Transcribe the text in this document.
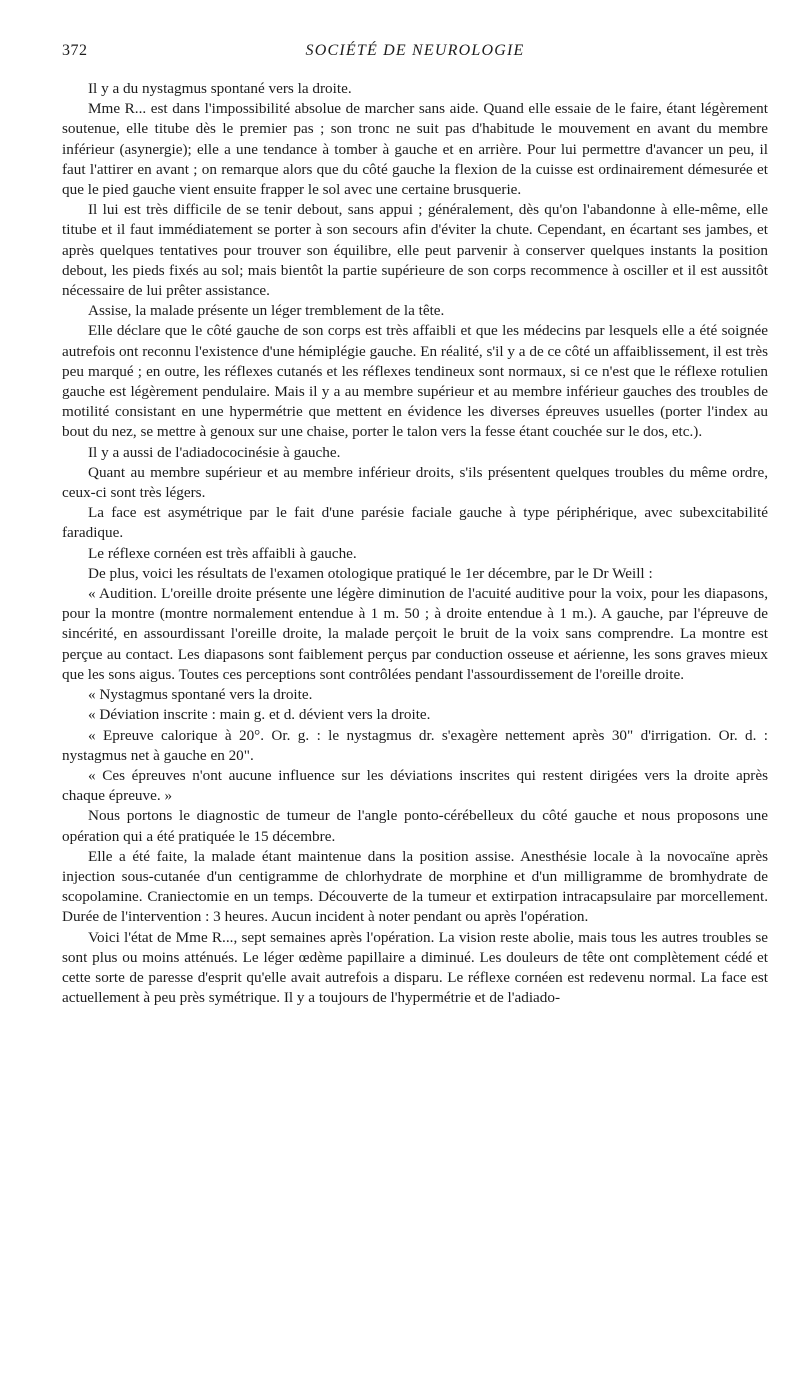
372	SOCIÉTÉ DE NEUROLOGIE

Il y a du nystagmus spontané vers la droite.

Mme R... est dans l'impossibilité absolue de marcher sans aide. Quand elle essaie de le faire, étant légèrement soutenue, elle titube dès le premier pas ; son tronc ne suit pas d'habitude le mouvement en avant du membre inférieur (asynergie); elle a une tendance à tomber à gauche et en arrière. Pour lui permettre d'avancer un peu, il faut l'attirer en avant ; on remarque alors que du côté gauche la flexion de la cuisse est ordinairement démesurée et que le pied gauche vient ensuite frapper le sol avec une certaine brusquerie.

Il lui est très difficile de se tenir debout, sans appui ; généralement, dès qu'on l'abandonne à elle-même, elle titube et il faut immédiatement se porter à son secours afin d'éviter la chute. Cependant, en écartant ses jambes, et après quelques tentatives pour trouver son équilibre, elle peut parvenir à conserver quelques instants la position debout, les pieds fixés au sol; mais bientôt la partie supérieure de son corps recommence à osciller et il est aussitôt nécessaire de lui prêter assistance.

Assise, la malade présente un léger tremblement de la tête.

Elle déclare que le côté gauche de son corps est très affaibli et que les médecins par lesquels elle a été soignée autrefois ont reconnu l'existence d'une hémiplégie gauche. En réalité, s'il y a de ce côté un affaiblissement, il est très peu marqué ; en outre, les réflexes cutanés et les réflexes tendineux sont normaux, si ce n'est que le réflexe rotulien gauche est légèrement pendulaire. Mais il y a au membre supérieur et au membre inférieur gauches des troubles de motilité consistant en une hypermétrie que mettent en évidence les diverses épreuves usuelles (porter l'index au bout du nez, se mettre à genoux sur une chaise, porter le talon vers la fesse étant couchée sur le dos, etc.).

Il y a aussi de l'adiadococinésie à gauche.

Quant au membre supérieur et au membre inférieur droits, s'ils présentent quelques troubles du même ordre, ceux-ci sont très légers.

La face est asymétrique par le fait d'une parésie faciale gauche à type périphérique, avec subexcitabilité faradique.

Le réflexe cornéen est très affaibli à gauche.

De plus, voici les résultats de l'examen otologique pratiqué le 1er décembre, par le Dr Weill :

« Audition. L'oreille droite présente une légère diminution de l'acuité auditive pour la voix, pour les diapasons, pour la montre (montre normalement entendue à 1 m. 50 ; à droite entendue à 1 m.). A gauche, par l'épreuve de sincérité, en assourdissant l'oreille droite, la malade perçoit le bruit de la voix sans comprendre. La montre est perçue au contact. Les diapasons sont faiblement perçus par conduction osseuse et aérienne, les sons graves mieux que les sons aigus. Toutes ces perceptions sont contrôlées pendant l'assourdissement de l'oreille droite.

« Nystagmus spontané vers la droite.

« Déviation inscrite : main g. et d. dévient vers la droite.

« Epreuve calorique à 20°. Or. g. : le nystagmus dr. s'exagère nettement après 30" d'irrigation. Or. d. : nystagmus net à gauche en 20".

« Ces épreuves n'ont aucune influence sur les déviations inscrites qui restent dirigées vers la droite après chaque épreuve. »

Nous portons le diagnostic de tumeur de l'angle ponto-cérébelleux du côté gauche et nous proposons une opération qui a été pratiquée le 15 décembre.

Elle a été faite, la malade étant maintenue dans la position assise. Anesthésie locale à la novocaïne après injection sous-cutanée d'un centigramme de chlorhydrate de morphine et d'un milligramme de bromhydrate de scopolamine. Craniectomie en un temps. Découverte de la tumeur et extirpation intracapsulaire par morcellement. Durée de l'intervention : 3 heures. Aucun incident à noter pendant ou après l'opération.

Voici l'état de Mme R..., sept semaines après l'opération. La vision reste abolie, mais tous les autres troubles se sont plus ou moins atténués. Le léger œdème papillaire a diminué. Les douleurs de tête ont complètement cédé et cette sorte de paresse d'esprit qu'elle avait autrefois a disparu. Le réflexe cornéen est redevenu normal. La face est actuellement à peu près symétrique. Il y a toujours de l'hypermétrie et de l'adiado-
